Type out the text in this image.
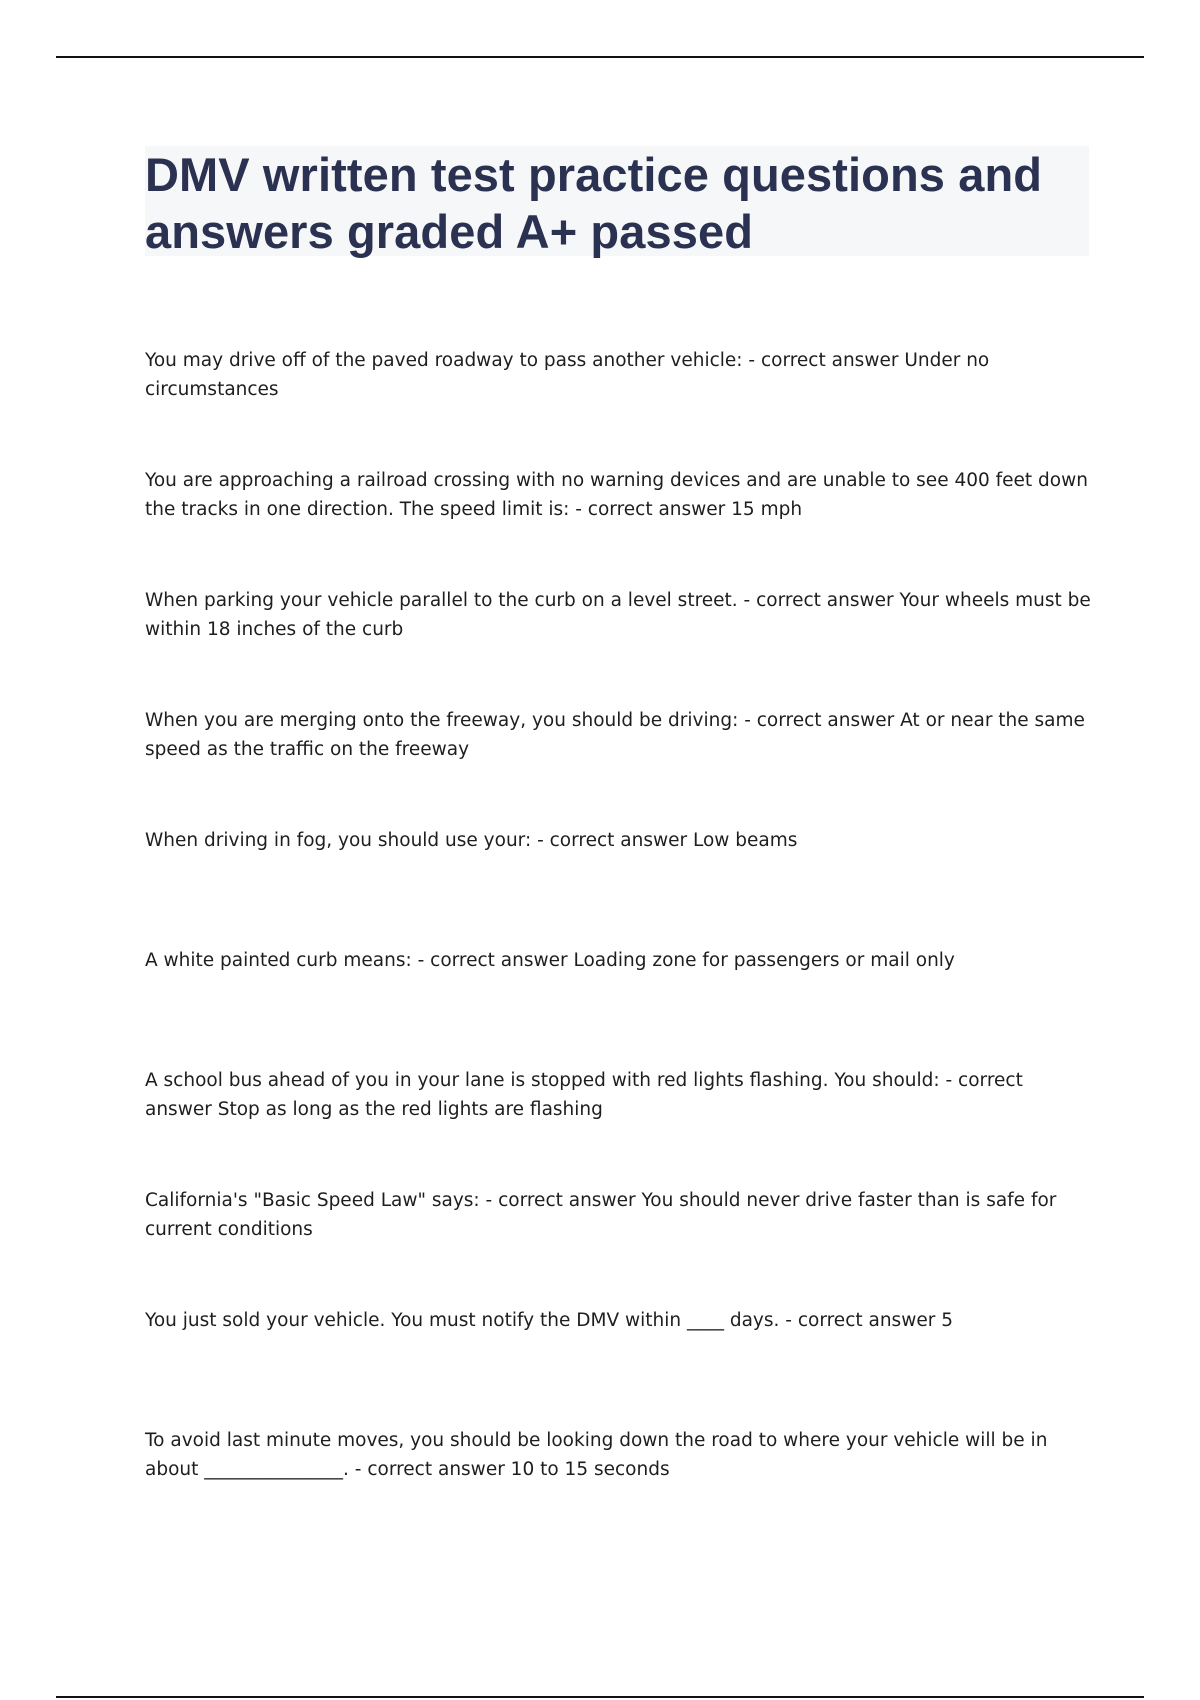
DMV written test practice questions and answers graded A+ passed

You may drive off of the paved roadway to pass another vehicle: - correct answer Under no circumstances

You are approaching a railroad crossing with no warning devices and are unable to see 400 feet down the tracks in one direction. The speed limit is: - correct answer 15 mph

When parking your vehicle parallel to the curb on a level street. - correct answer Your wheels must be within 18 inches of the curb

When you are merging onto the freeway, you should be driving: - correct answer At or near the same speed as the traffic on the freeway

When driving in fog, you should use your: - correct answer Low beams

A white painted curb means: - correct answer Loading zone for passengers or mail only

A school bus ahead of you in your lane is stopped with red lights flashing. You should: - correct answer Stop as long as the red lights are flashing

California's "Basic Speed Law" says: - correct answer You should never drive faster than is safe for current conditions

You just sold your vehicle. You must notify the DMV within ____ days. - correct answer 5

To avoid last minute moves, you should be looking down the road to where your vehicle will be in about _______________. - correct answer 10 to 15 seconds
